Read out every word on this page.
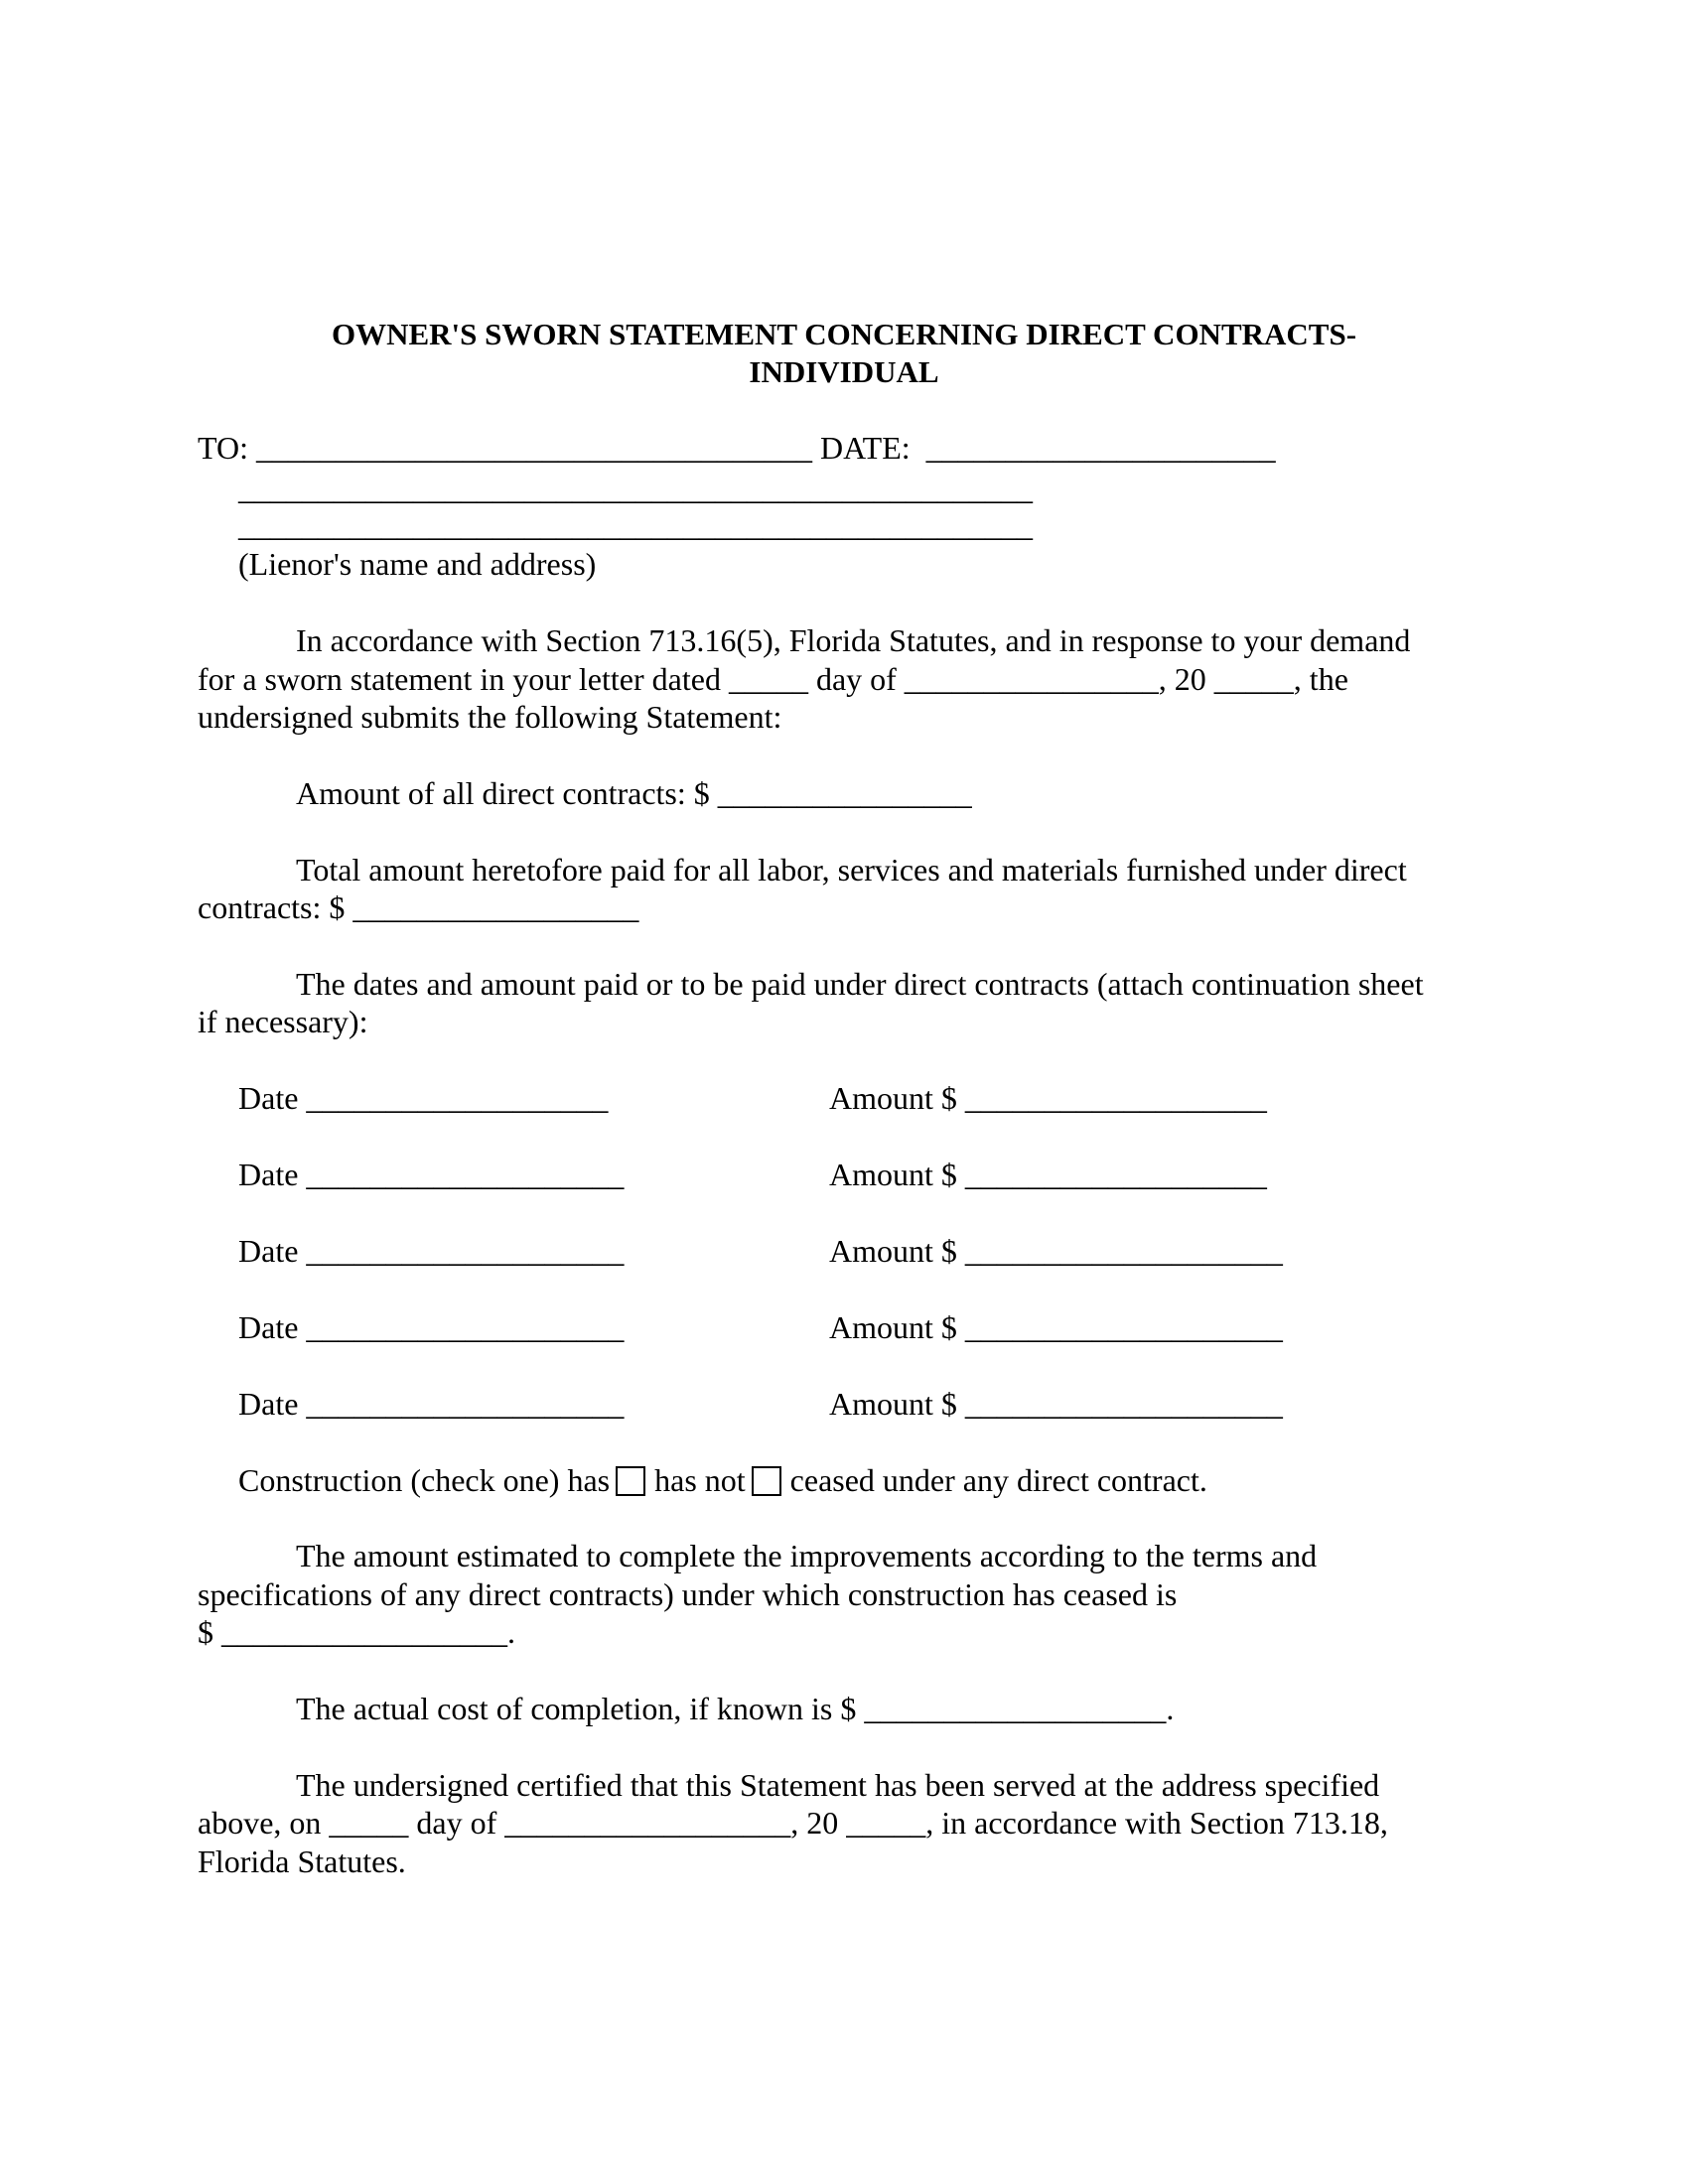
OWNER'S SWORN STATEMENT CONCERNING DIRECT CONTRACTS-
INDIVIDUAL
TO: ___________________________________ DATE:  ______________________
__________________________________________________
__________________________________________________
(Lienor's name and address)
In accordance with Section 713.16(5), Florida Statutes, and in response to your demand
for a sworn statement in your letter dated _____ day of ________________, 20 _____, the
undersigned submits the following Statement:
Amount of all direct contracts: $ ________________
Total amount heretofore paid for all labor, services and materials furnished under direct
contracts: $ __________________
The dates and amount paid or to be paid under direct contracts (attach continuation sheet
if necessary):
Date ___________________	Amount $ ___________________
Date ____________________	Amount $ ___________________
Date ____________________	Amount $ ____________________
Date ____________________	Amount $ ____________________
Date ____________________	Amount $ ____________________
Construction (check one) has has not ceased under any direct contract.
The amount estimated to complete the improvements according to the terms and
specifications of any direct contracts) under which construction has ceased is
$ __________________.
The actual cost of completion, if known is $ ___________________.
The undersigned certified that this Statement has been served at the address specified
above, on _____ day of __________________, 20 _____, in accordance with Section 713.18,
Florida Statutes.
